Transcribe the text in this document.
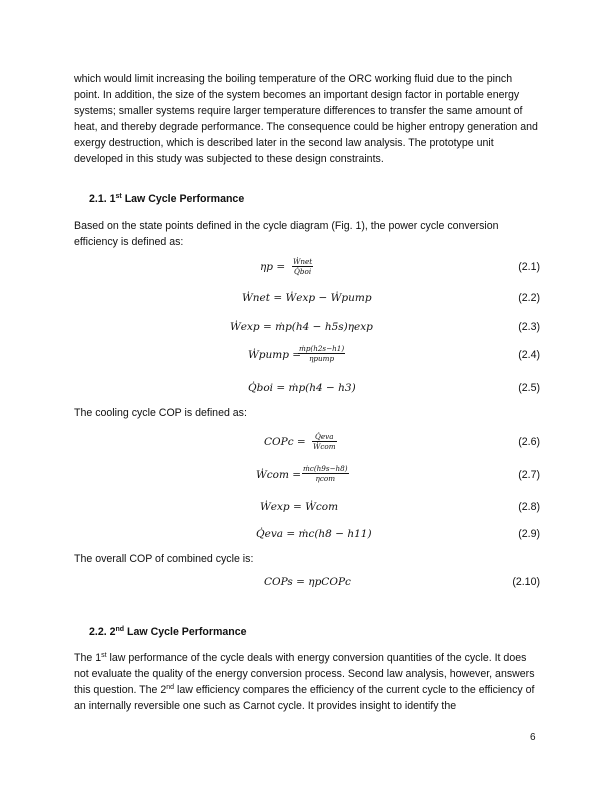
which would limit increasing the boiling temperature of the ORC working fluid due to the pinch point. In addition, the size of the system becomes an important design factor in portable energy systems; smaller systems require larger temperature differences to transfer the same amount of heat, and thereby degrade performance. The consequence could be higher entropy generation and exergy destruction, which is described later in the second law analysis. The prototype unit developed in this study was subjected to these design constraints.

2.1. 1st Law Cycle Performance

Based on the state points defined in the cycle diagram (Fig. 1), the power cycle conversion efficiency is defined as:

ηp = Ẇnet
Q̇boi	(2.1)
Ẇnet = Ẇexp − Ẇpump	(2.2)
Ẇexp = ṁp(h4 − h5s)ηexp	(2.3)
Ẇpump =
ṁp(h2s−h1)
ηpump	(2.4)
Q̇boi = ṁp(h4 − h3)	(2.5)

The cooling cycle COP is defined as:

COPc =	Q̇eva
Ẇcom	(2.6)
Ẇcom =
ṁc(h9s−h8)
ηcom	(2.7)
Ẇexp = Ẇcom	(2.8)
Q̇eva = ṁc(h8 − h11)	(2.9)

The overall COP of combined cycle is:

COPs = ηpCOPc	(2.10)

2.2. 2nd Law Cycle Performance

The 1st law performance of the cycle deals with energy conversion quantities of the cycle. It does not evaluate the quality of the energy conversion process. Second law analysis, however, answers this question. The 2nd law efficiency compares the efficiency of the current cycle to the efficiency of an internally reversible one such as Carnot cycle. It provides insight to identify the

6
